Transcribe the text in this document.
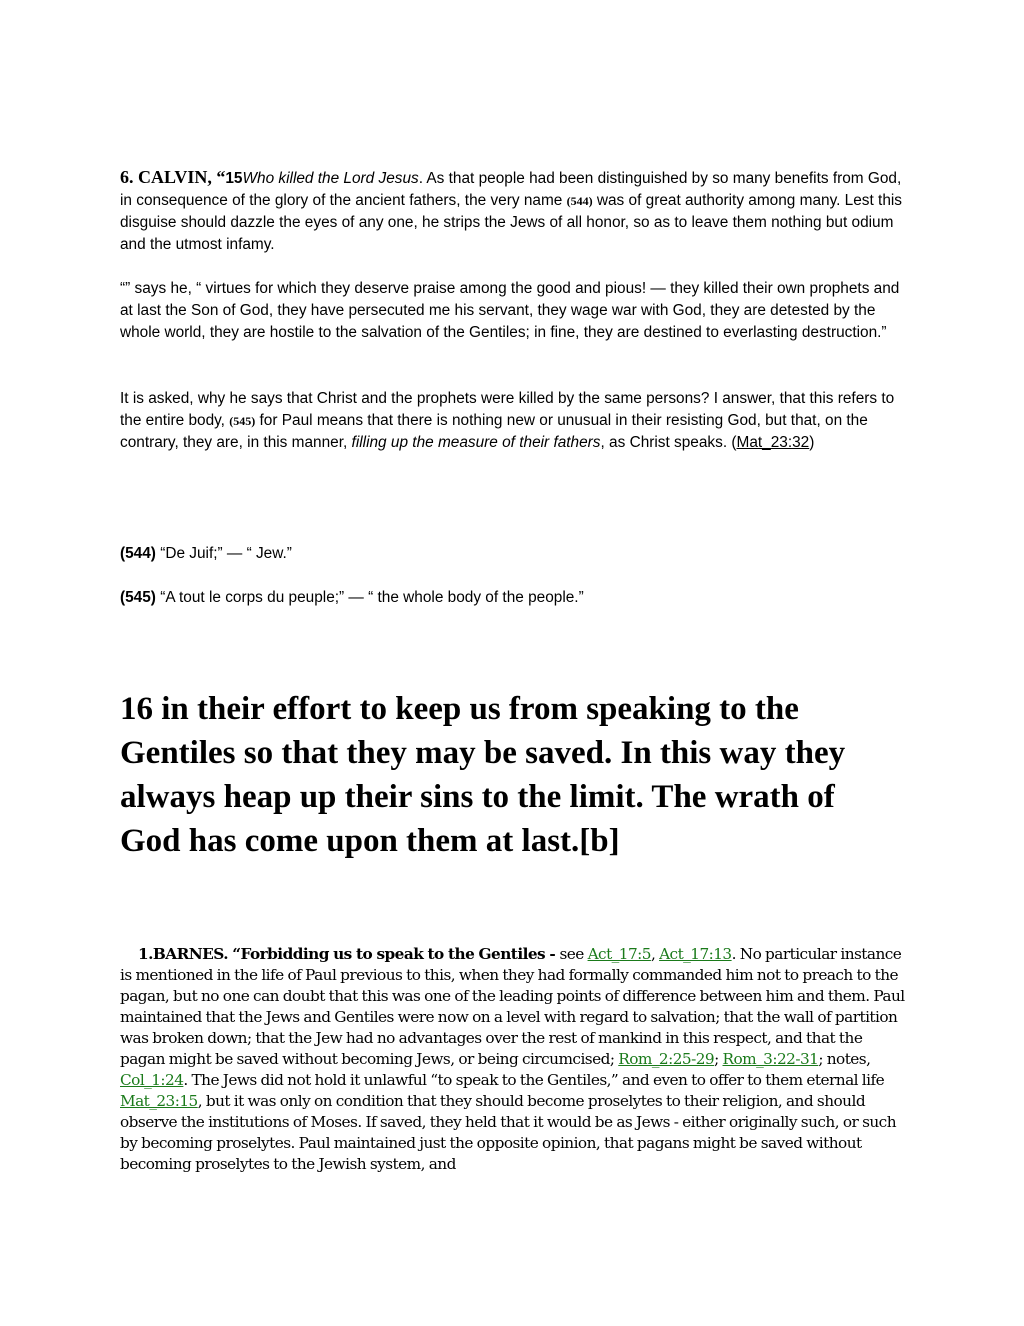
6. CALVIN, “15Who killed the Lord Jesus. As that people had been distinguished by so many benefits from God, in consequence of the glory of the ancient fathers, the very name (544) was of great authority among many. Lest this disguise should dazzle the eyes of any one, he strips the Jews of all honor, so as to leave them nothing but odium and the utmost infamy.

“” says he, “ virtues for which they deserve praise among the good and pious! — they killed their own prophets and at last the Son of God, they have persecuted me his servant, they wage war with God, they are detested by the whole world, they are hostile to the salvation of the Gentiles; in fine, they are destined to everlasting destruction.”

It is asked, why he says that Christ and the prophets were killed by the same persons? I answer, that this refers to the entire body, (545) for Paul means that there is nothing new or unusual in their resisting God, but that, on the contrary, they are, in this manner, filling up the measure of their fathers, as Christ speaks. (Mat_23:32)

(544) “De Juif;” — “ Jew.”

(545) “A tout le corps du peuple;” — “ the whole body of the people.”

16 in their effort to keep us from speaking to the Gentiles so that they may be saved. In this way they always heap up their sins to the limit. The wrath of God has come upon them at last.[b]

1.BARNES. “Forbidding us to speak to the Gentiles - see Act_17:5, Act_17:13. No particular instance is mentioned in the life of Paul previous to this, when they had formally commanded him not to preach to the pagan, but no one can doubt that this was one of the leading points of difference between him and them. Paul maintained that the Jews and Gentiles were now on a level with regard to salvation; that the wall of partition was broken down; that the Jew had no advantages over the rest of mankind in this respect, and that the pagan might be saved without becoming Jews, or being circumcised; Rom_2:25-29; Rom_3:22-31; notes, Col_1:24. The Jews did not hold it unlawful “to speak to the Gentiles,” and even to offer to them eternal life Mat_23:15, but it was only on condition that they should become proselytes to their religion, and should observe the institutions of Moses. If saved, they held that it would be as Jews - either originally such, or such by becoming proselytes. Paul maintained just the opposite opinion, that pagans might be saved without becoming proselytes to the Jewish system, and
